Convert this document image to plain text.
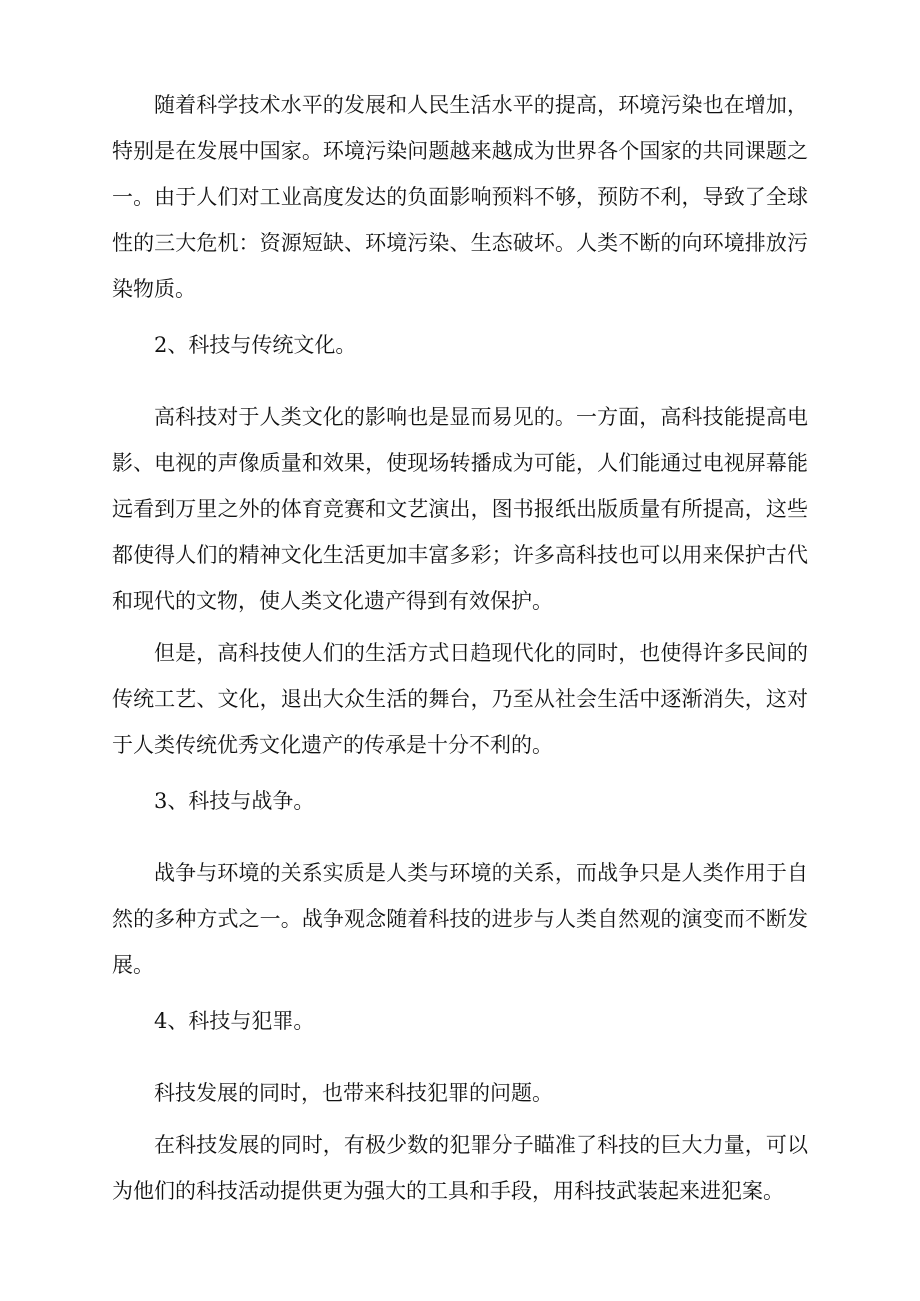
随着科学技术水平的发展和人民生活水平的提高，环境污染也在增加，特别是在发展中国家。环境污染问题越来越成为世界各个国家的共同课题之一。由于人们对工业高度发达的负面影响预料不够，预防不利，导致了全球性的三大危机：资源短缺、环境污染、生态破坏。人类不断的向环境排放污染物质。

2、科技与传统文化。

高科技对于人类文化的影响也是显而易见的。一方面，高科技能提高电影、电视的声像质量和效果，使现场转播成为可能，人们能通过电视屏幕能远看到万里之外的体育竞赛和文艺演出，图书报纸出版质量有所提高，这些都使得人们的精神文化生活更加丰富多彩；许多高科技也可以用来保护古代和现代的文物，使人类文化遗产得到有效保护。

但是，高科技使人们的生活方式日趋现代化的同时，也使得许多民间的传统工艺、文化，退出大众生活的舞台，乃至从社会生活中逐渐消失，这对于人类传统优秀文化遗产的传承是十分不利的。

3、科技与战争。

战争与环境的关系实质是人类与环境的关系，而战争只是人类作用于自然的多种方式之一。战争观念随着科技的进步与人类自然观的演变而不断发展。

4、科技与犯罪。

科技发展的同时，也带来科技犯罪的问题。

在科技发展的同时，有极少数的犯罪分子瞄准了科技的巨大力量，可以为他们的科技活动提供更为强大的工具和手段，用科技武装起来进犯案。
